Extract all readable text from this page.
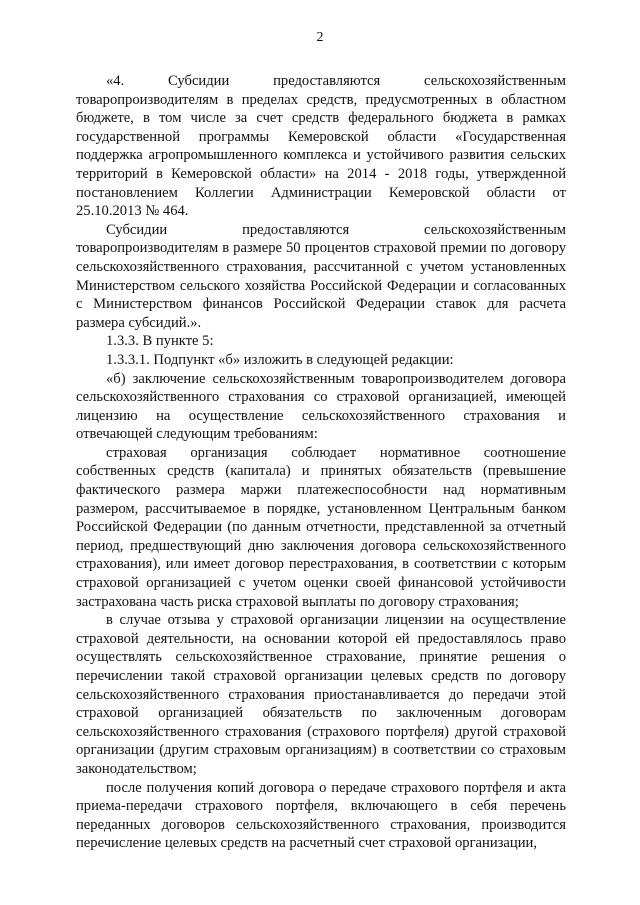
2

«4. Субсидии предоставляются сельскохозяйственным товаропроизводителям в пределах средств, предусмотренных в областном бюджете, в том числе за счет средств федерального бюджета в рамках государственной программы Кемеровской области «Государственная поддержка агропромышленного комплекса и устойчивого развития сельских территорий в Кемеровской области» на 2014 - 2018 годы, утвержденной постановлением Коллегии Администрации Кемеровской области от 25.10.2013 № 464.

Субсидии предоставляются сельскохозяйственным товаропроизводителям в размере 50 процентов страховой премии по договору сельскохозяйственного страхования, рассчитанной с учетом установленных Министерством сельского хозяйства Российской Федерации и согласованных с Министерством финансов Российской Федерации ставок для расчета размера субсидий.».

1.3.3. В пункте 5:

1.3.3.1. Подпункт «б» изложить в следующей редакции:

«б) заключение сельскохозяйственным товаропроизводителем договора сельскохозяйственного страхования со страховой организацией, имеющей лицензию на осуществление сельскохозяйственного страхования и отвечающей следующим требованиям:

страховая организация соблюдает нормативное соотношение собственных средств (капитала) и принятых обязательств (превышение фактического размера маржи платежеспособности над нормативным размером, рассчитываемое в порядке, установленном Центральным банком Российской Федерации (по данным отчетности, представленной за отчетный период, предшествующий дню заключения договора сельскохозяйственного страхования), или имеет договор перестрахования, в соответствии с которым страховой организацией с учетом оценки своей финансовой устойчивости застрахована часть риска страховой выплаты по договору страхования;

в случае отзыва у страховой организации лицензии на осуществление страховой деятельности, на основании которой ей предоставлялось право осуществлять сельскохозяйственное страхование, принятие решения о перечислении такой страховой организации целевых средств по договору сельскохозяйственного страхования приостанавливается до передачи этой страховой организацией обязательств по заключенным договорам сельскохозяйственного страхования (страхового портфеля) другой страховой организации (другим страховым организациям) в соответствии со страховым законодательством;

после получения копий договора о передаче страхового портфеля и акта приема-передачи страхового портфеля, включающего в себя перечень переданных договоров сельскохозяйственного страхования, производится перечисление целевых средств на расчетный счет страховой организации,
